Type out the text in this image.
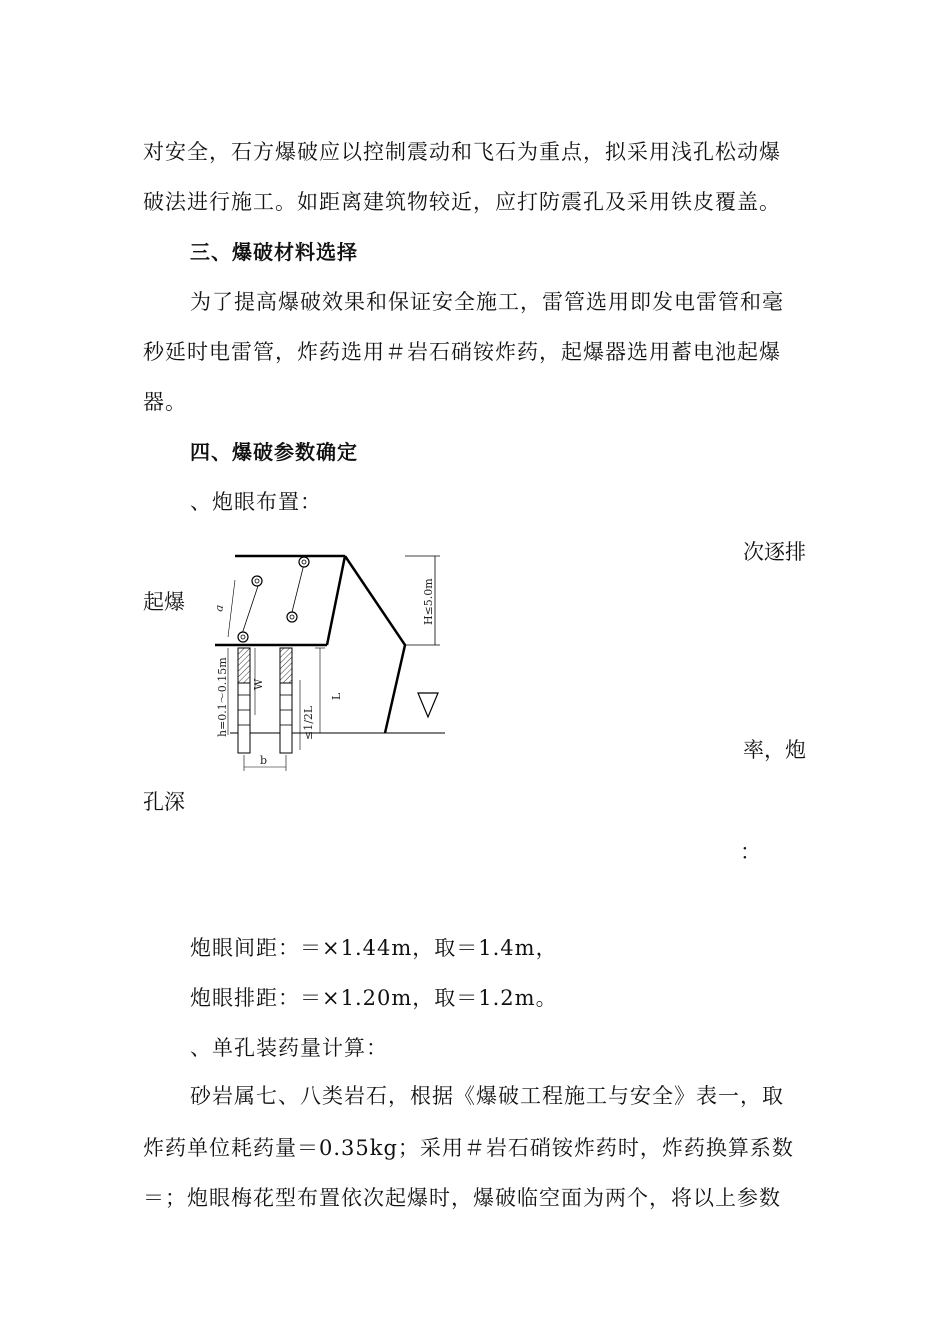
对安全，石方爆破应以控制震动和飞石为重点，拟采用浅孔松动爆
破法进行施工。如距离建筑物较近，应打防震孔及采用铁皮覆盖。
三、爆破材料选择
为了提高爆破效果和保证安全施工，雷管选用即发电雷管和毫
秒延时电雷管，炸药选用＃岩石硝铵炸药，起爆器选用蓄电池起爆
器。
四、爆破参数确定
、炮眼布置：
次逐排
起爆
率，炮
孔深
：
H≤5.0m
a
h=0.1～0.15m W
≤1/2L
L
b
炮眼间距：＝×1.44m，取＝1.4m，
炮眼排距：＝×1.20m，取＝1.2m。
、单孔装药量计算：
砂岩属七、八类岩石，根据《爆破工程施工与安全》表一，取
炸药单位耗药量＝0.35kg；采用＃岩石硝铵炸药时，炸药换算系数
＝；炮眼梅花型布置依次起爆时，爆破临空面为两个，将以上参数
